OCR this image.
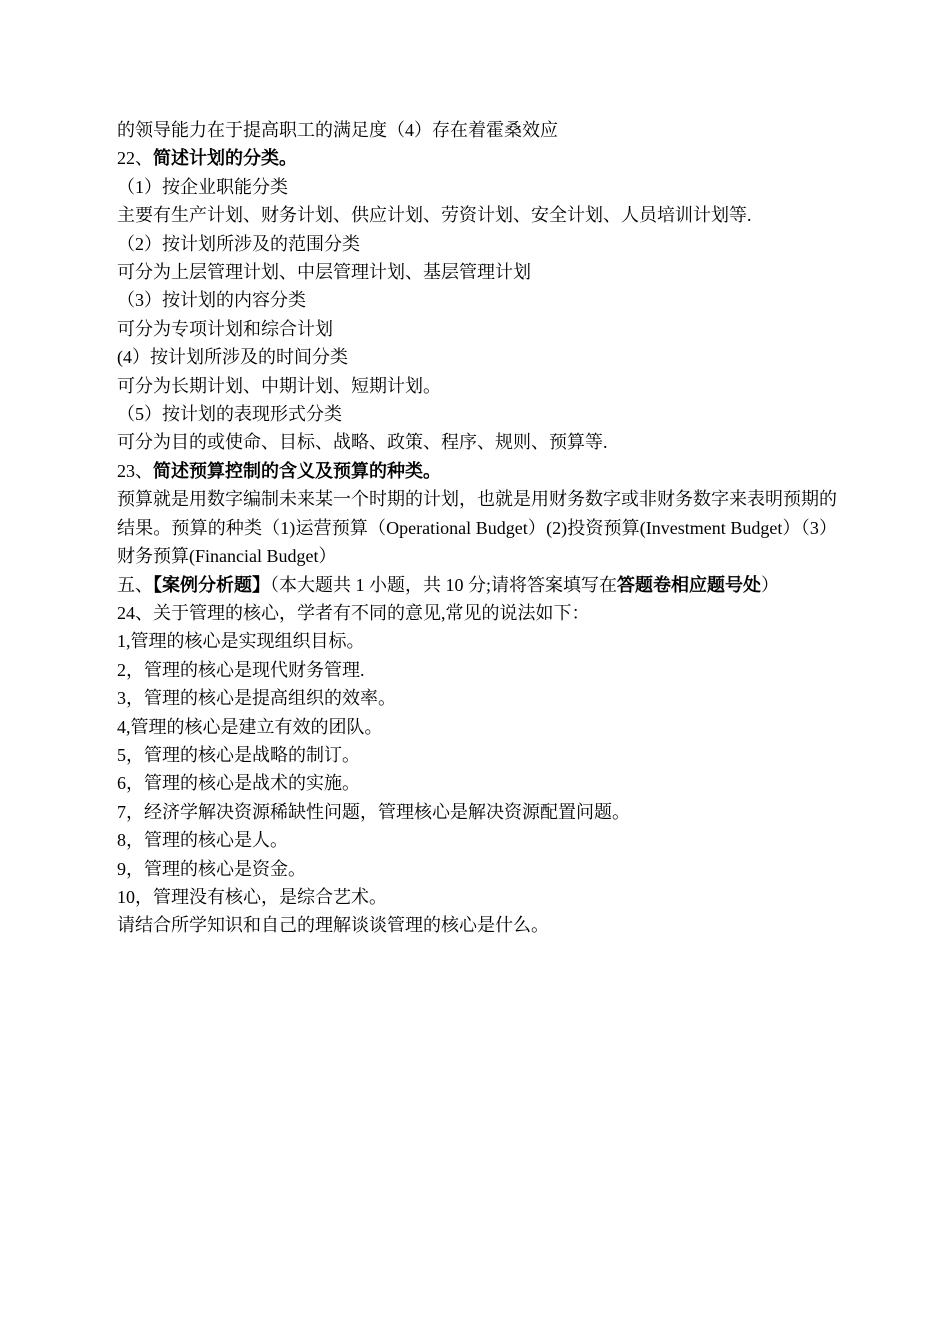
的领导能力在于提高职工的满足度（4）存在着霍桑效应

22、简述计划的分类。

（1）按企业职能分类

主要有生产计划、财务计划、供应计划、劳资计划、安全计划、人员培训计划等.

（2）按计划所涉及的范围分类

可分为上层管理计划、中层管理计划、基层管理计划

（3）按计划的内容分类

可分为专项计划和综合计划

(4）按计划所涉及的时间分类

可分为长期计划、中期计划、短期计划。

（5）按计划的表现形式分类

可分为目的或使命、目标、战略、政策、程序、规则、预算等.

23、简述预算控制的含义及预算的种类。

预算就是用数字编制未来某一个时期的计划，也就是用财务数字或非财务数字来表明预期的结果。预算的种类（1)运营预算（Operational Budget）(2)投资预算(Investment Budget）（3）财务预算(Financial Budget）

五、【案例分析题】（本大题共 1 小题，共 10 分;请将答案填写在答题卷相应题号处）

24、关于管理的核心，学者有不同的意见,常见的说法如下：

1,管理的核心是实现组织目标。

2，管理的核心是现代财务管理.

3，管理的核心是提高组织的效率。

4,管理的核心是建立有效的团队。

5，管理的核心是战略的制订。

6，管理的核心是战术的实施。

7，经济学解决资源稀缺性问题，管理核心是解决资源配置问题。

8，管理的核心是人。

9，管理的核心是资金。

10，管理没有核心，是综合艺术。

请结合所学知识和自己的理解谈谈管理的核心是什么。
